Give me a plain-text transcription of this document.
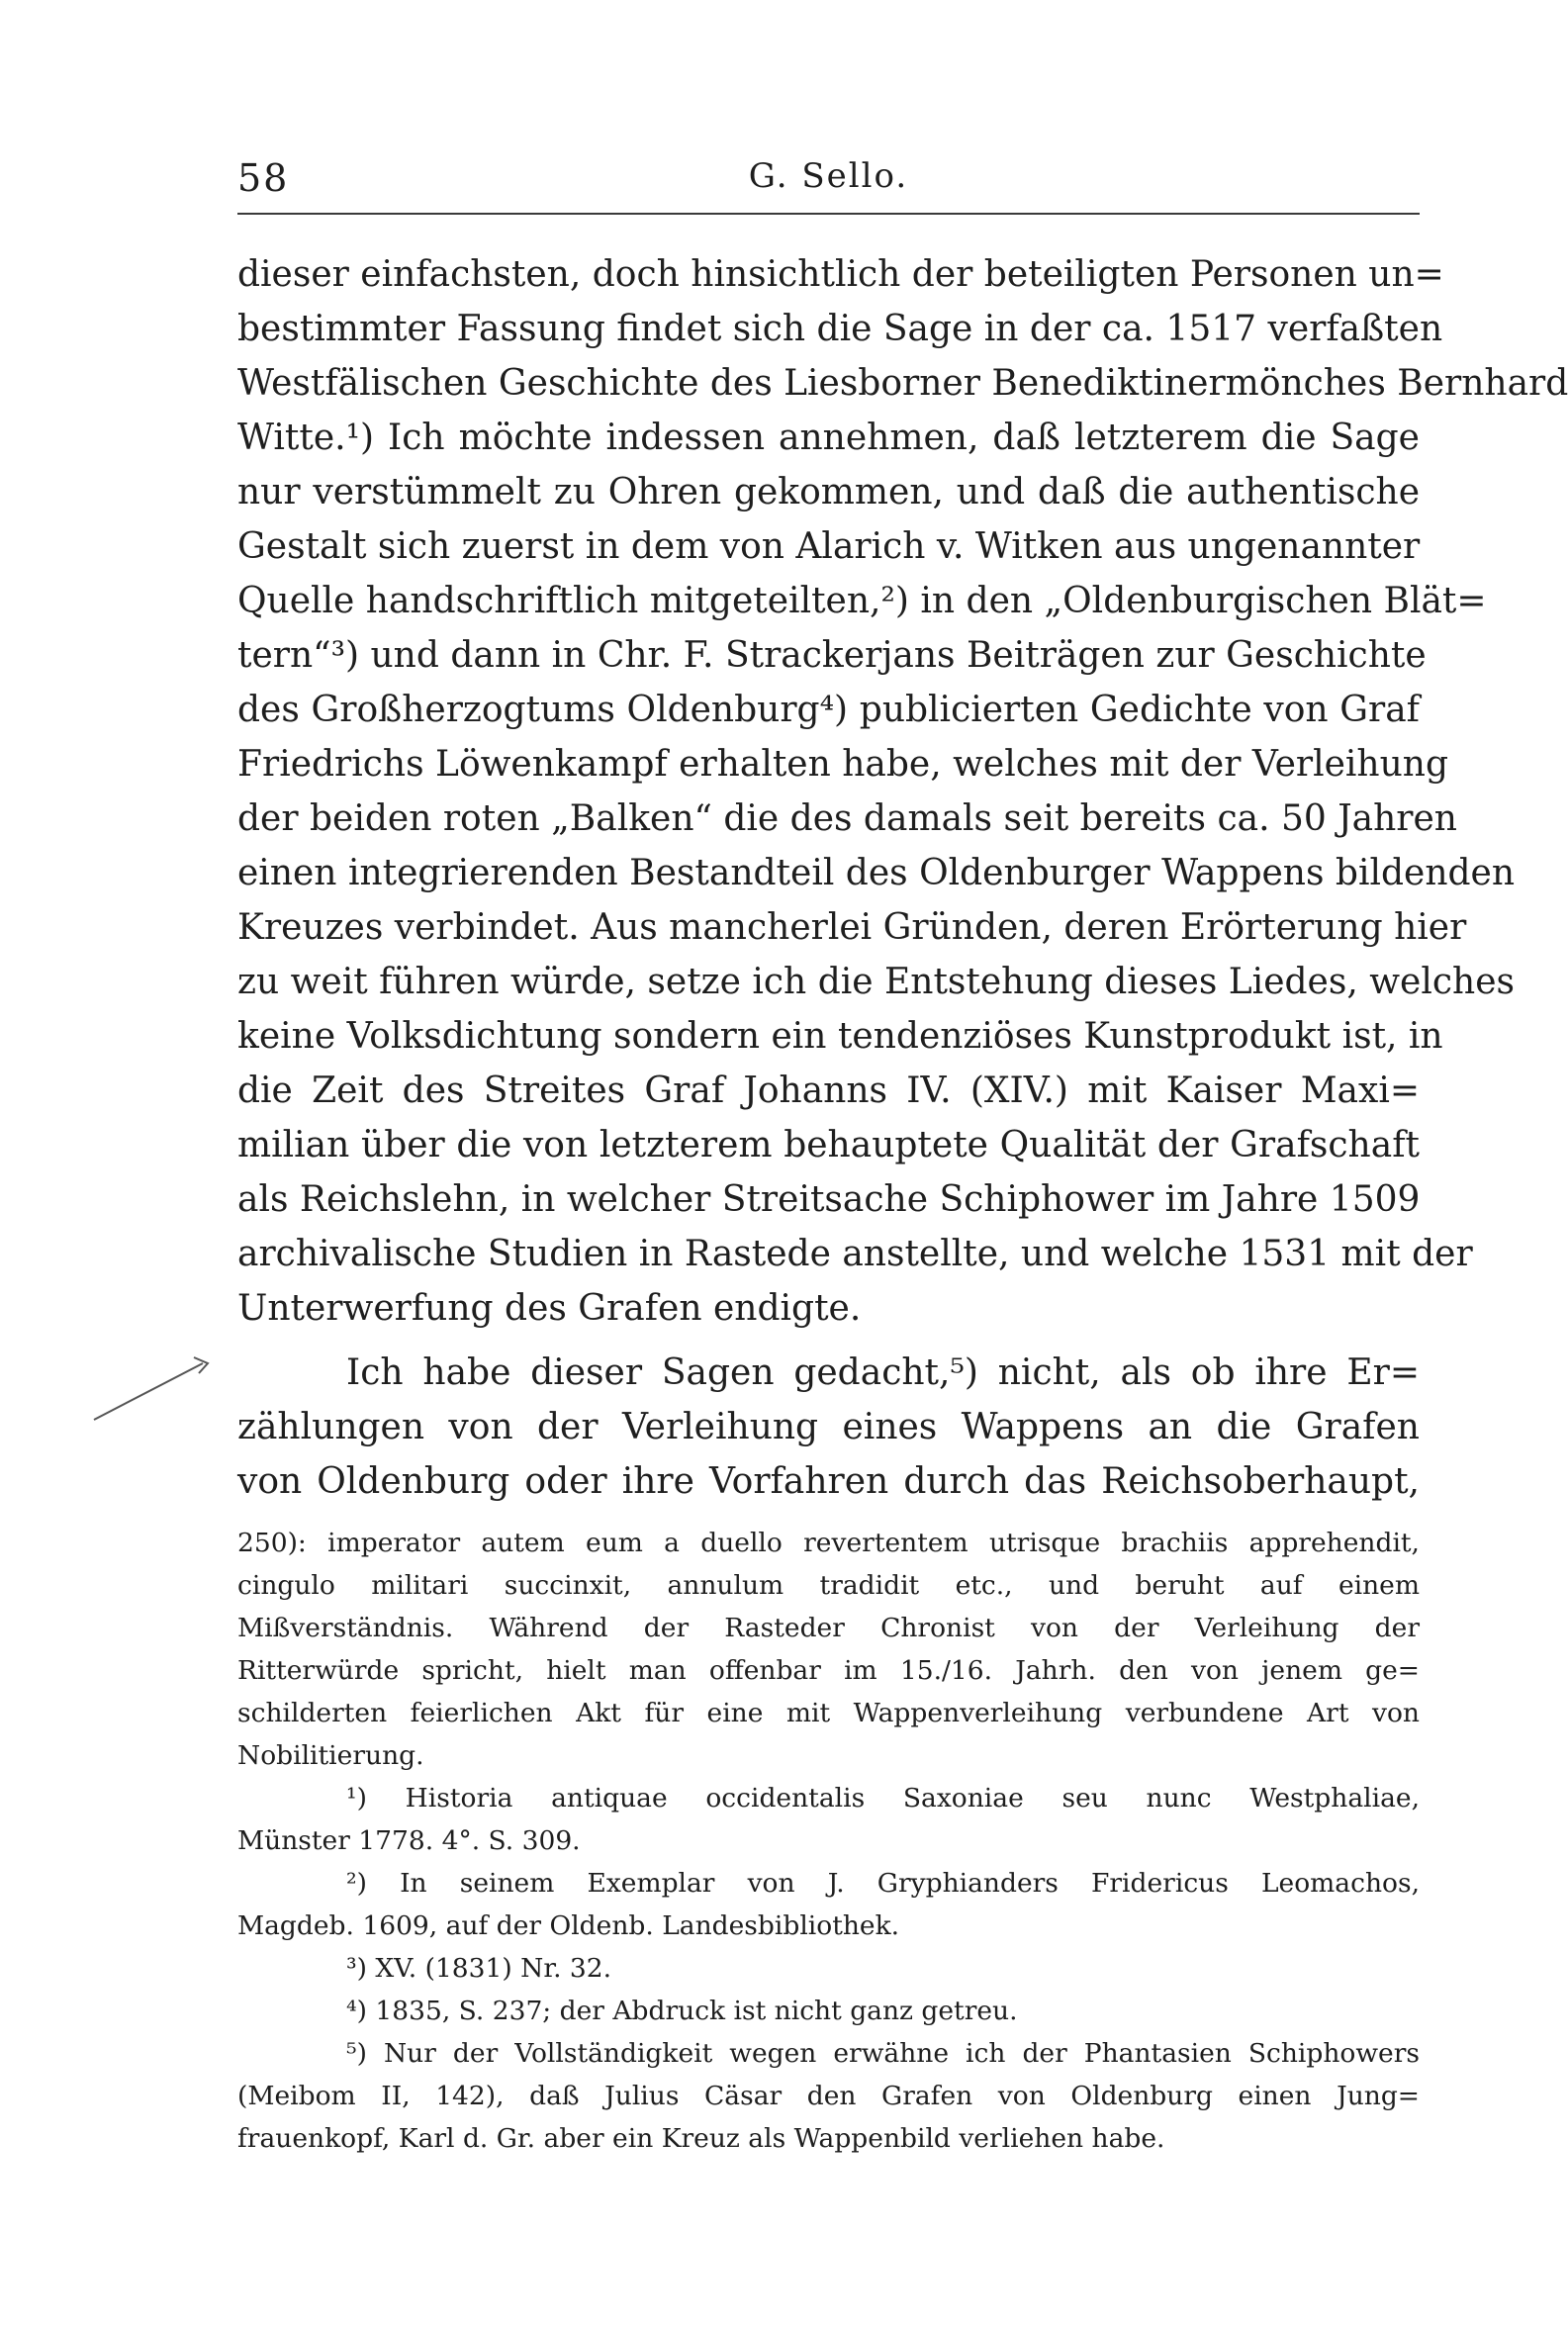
58	G. Sello.
dieser einfachsten, doch hinsichtlich der beteiligten Personen un=
bestimmter Fassung findet sich die Sage in der ca. 1517 verfaßten
Westfälischen Geschichte des Liesborner Benediktinermönches Bernhard
Witte.¹) Ich möchte indessen annehmen, daß letzterem die Sage
nur verstümmelt zu Ohren gekommen, und daß die authentische
Gestalt sich zuerst in dem von Alarich v. Witken aus ungenannter
Quelle handschriftlich mitgeteilten,²) in den „Oldenburgischen Blät=
tern“³) und dann in Chr. F. Strackerjans Beiträgen zur Geschichte
des Großherzogtums Oldenburg⁴) publicierten Gedichte von Graf
Friedrichs Löwenkampf erhalten habe, welches mit der Verleihung
der beiden roten „Balken“ die des damals seit bereits ca. 50 Jahren
einen integrierenden Bestandteil des Oldenburger Wappens bildenden
Kreuzes verbindet. Aus mancherlei Gründen, deren Erörterung hier
zu weit führen würde, setze ich die Entstehung dieses Liedes, welches
keine Volksdichtung sondern ein tendenziöses Kunstprodukt ist, in
die Zeit des Streites Graf Johanns IV. (XIV.) mit Kaiser Maxi=
milian über die von letzterem behauptete Qualität der Grafschaft
als Reichslehn, in welcher Streitsache Schiphower im Jahre 1509
archivalische Studien in Rastede anstellte, und welche 1531 mit der
Unterwerfung des Grafen endigte.
Ich habe dieser Sagen gedacht,⁵) nicht, als ob ihre Er=
zählungen von der Verleihung eines Wappens an die Grafen
von Oldenburg oder ihre Vorfahren durch das Reichsoberhaupt,
250): imperator autem eum a duello revertentem utrisque brachiis apprehendit,
cingulo militari succinxit, annulum tradidit etc., und beruht auf einem
Mißverständnis. Während der Rasteder Chronist von der Verleihung der
Ritterwürde spricht, hielt man offenbar im 15./16. Jahrh. den von jenem ge=
schilderten feierlichen Akt für eine mit Wappenverleihung verbundene Art von
Nobilitierung.
¹) Historia antiquae occidentalis Saxoniae seu nunc Westphaliae,
Münster 1778. 4°. S. 309.
²) In seinem Exemplar von J. Gryphianders Fridericus Leomachos,
Magdeb. 1609, auf der Oldenb. Landesbibliothek.
³) XV. (1831) Nr. 32.
⁴) 1835, S. 237; der Abdruck ist nicht ganz getreu.
⁵) Nur der Vollständigkeit wegen erwähne ich der Phantasien Schiphowers
(Meibom II, 142), daß Julius Cäsar den Grafen von Oldenburg einen Jung=
frauenkopf, Karl d. Gr. aber ein Kreuz als Wappenbild verliehen habe.
